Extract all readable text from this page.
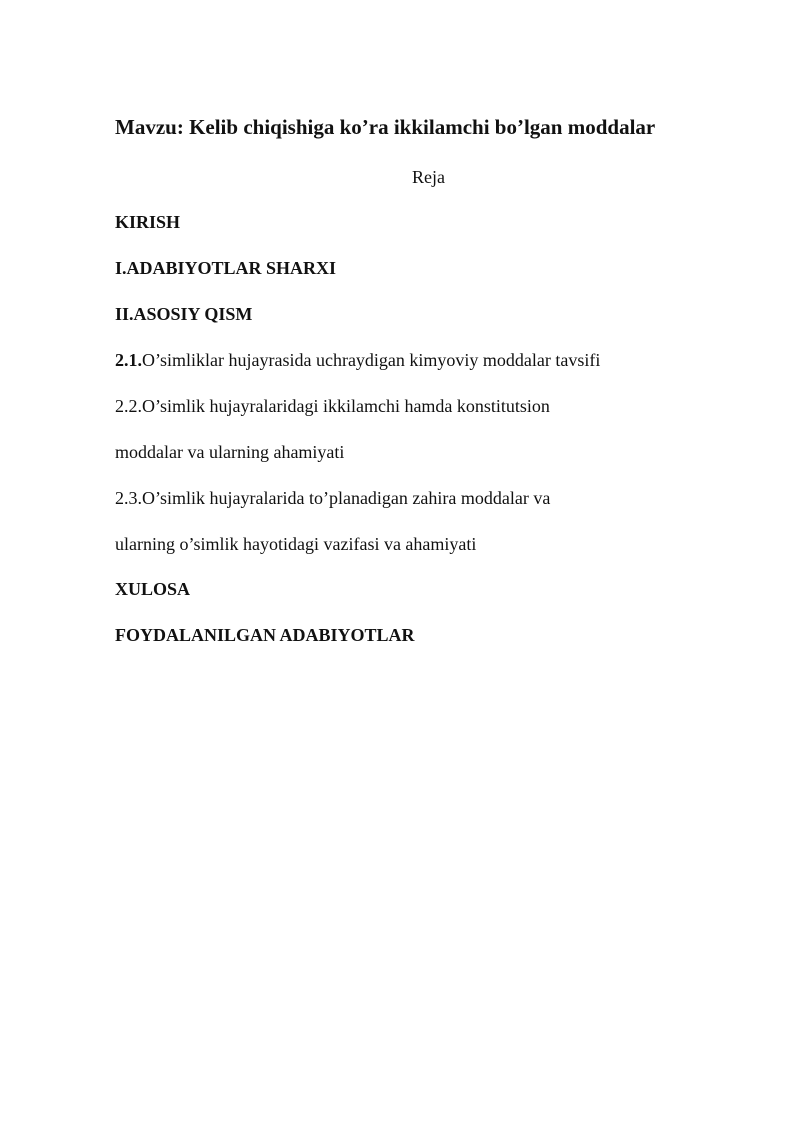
Mavzu: Kelib chiqishiga ko’ra ikkilamchi bo’lgan moddalar
Reja
KIRISH
I.ADABIYOTLAR SHARXI
II.ASOSIY QISM
2.1.O’simliklar hujayrasida uchraydigan kimyoviy moddalar tavsifi
2.2.O’simlik hujayralaridagi ikkilamchi hamda konstitutsion
moddalar va ularning ahamiyati
2.3.O’simlik hujayralarida to’planadigan zahira moddalar va
ularning o’simlik hayotidagi vazifasi va ahamiyati
XULOSA
FOYDALANILGAN ADABIYOTLAR
